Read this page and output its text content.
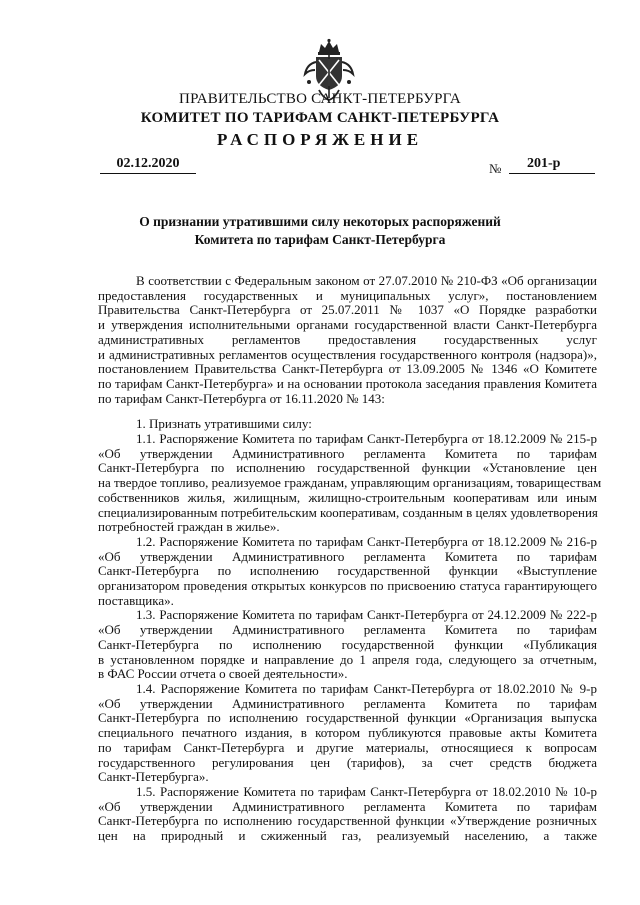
ПРАВИТЕЛЬСТВО САНКТ-ПЕТЕРБУРГА
КОМИТЕТ ПО ТАРИФАМ САНКТ-ПЕТЕРБУРГА
РАСПОРЯЖЕНИЕ
02.12.2020	№	201-р
О признании утратившими силу некоторых распоряжений
Комитета по тарифам Санкт-Петербурга
В соответствии с Федеральным законом от 27.07.2010 № 210-ФЗ «Об организации
предоставления государственных и муниципальных услуг», постановлением
Правительства Санкт-Петербурга от 25.07.2011 № 1037 «О Порядке разработки
и утверждения исполнительными органами государственной власти Санкт-Петербурга
административных регламентов предоставления государственных услуг
и административных регламентов осуществления государственного контроля (надзора)»,
постановлением Правительства Санкт-Петербурга от 13.09.2005 № 1346 «О Комитете
по тарифам Санкт-Петербурга» и на основании протокола заседания правления Комитета
по тарифам Санкт-Петербурга от 16.11.2020 № 143:
1. Признать утратившими силу:
1.1. Распоряжение Комитета по тарифам Санкт-Петербурга от 18.12.2009 № 215-р
«Об утверждении Административного регламента Комитета по тарифам
Санкт-Петербурга по исполнению государственной функции «Установление цен
на твердое топливо, реализуемое гражданам, управляющим организациям, товариществам
собственников жилья, жилищным, жилищно-строительным кооперативам или иным
специализированным потребительским кооперативам, созданным в целях удовлетворения
потребностей граждан в жилье».
1.2. Распоряжение Комитета по тарифам Санкт-Петербурга от 18.12.2009 № 216-р
«Об утверждении Административного регламента Комитета по тарифам
Санкт-Петербурга по исполнению государственной функции «Выступление
организатором проведения открытых конкурсов по присвоению статуса гарантирующего
поставщика».
1.3. Распоряжение Комитета по тарифам Санкт-Петербурга от 24.12.2009 № 222-р
«Об утверждении Административного регламента Комитета по тарифам
Санкт-Петербурга по исполнению государственной функции «Публикация
в установленном порядке и направление до 1 апреля года, следующего за отчетным,
в ФАС России отчета о своей деятельности».
1.4. Распоряжение Комитета по тарифам Санкт-Петербурга от 18.02.2010 № 9-р
«Об утверждении Административного регламента Комитета по тарифам
Санкт-Петербурга по исполнению государственной функции «Организация выпуска
специального печатного издания, в котором публикуются правовые акты Комитета
по тарифам Санкт-Петербурга и другие материалы, относящиеся к вопросам
государственного регулирования цен (тарифов), за счет средств бюджета
Санкт-Петербурга».
1.5. Распоряжение Комитета по тарифам Санкт-Петербурга от 18.02.2010 № 10-р
«Об утверждении Административного регламента Комитета по тарифам
Санкт-Петербурга по исполнению государственной функции «Утверждение розничных
цен на природный и сжиженный газ, реализуемый населению, а также
